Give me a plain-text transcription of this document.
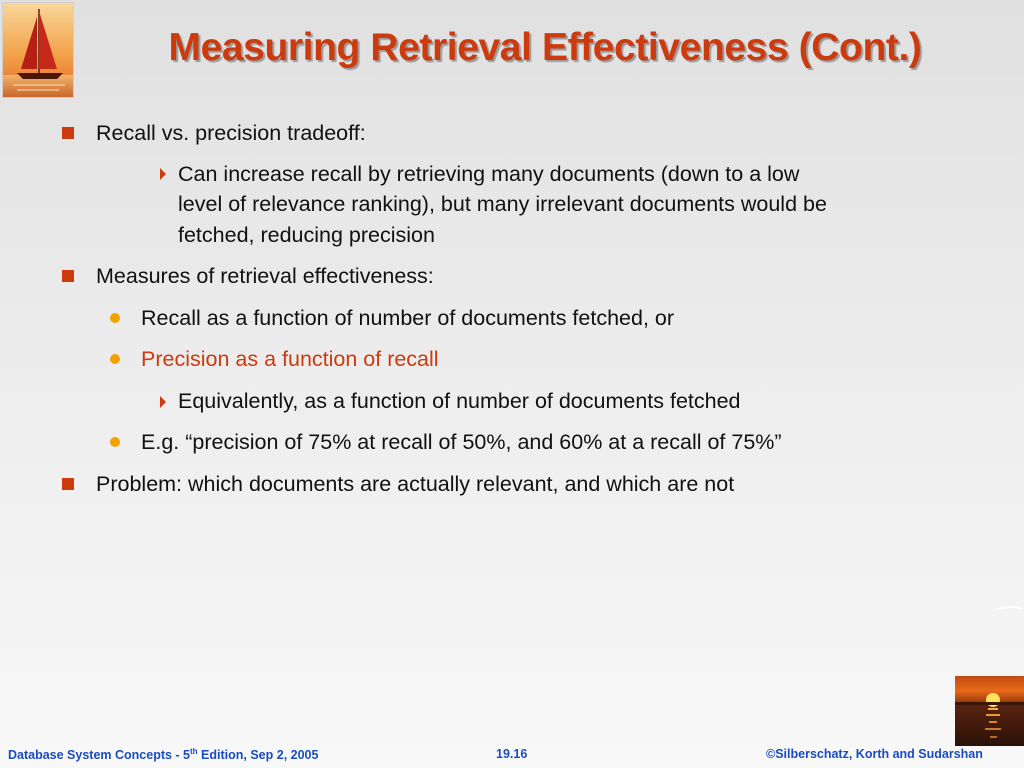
Measuring Retrieval Effectiveness (Cont.)

Recall vs. precision tradeoff:

Can increase recall by retrieving many documents (down to a low

level of relevance ranking), but many irrelevant documents would be

fetched, reducing precision

Measures of retrieval effectiveness:

Recall as a function of number of documents fetched, or

Precision as a function of recall

Equivalently, as a function of number of documents fetched

E.g. “precision of 75% at recall of 50%, and 60% at a recall of 75%”

Problem: which documents are actually relevant, and which are not

Database System Concepts - 5th Edition, Sep 2, 2005	19.16	©Silberschatz, Korth and Sudarshan
